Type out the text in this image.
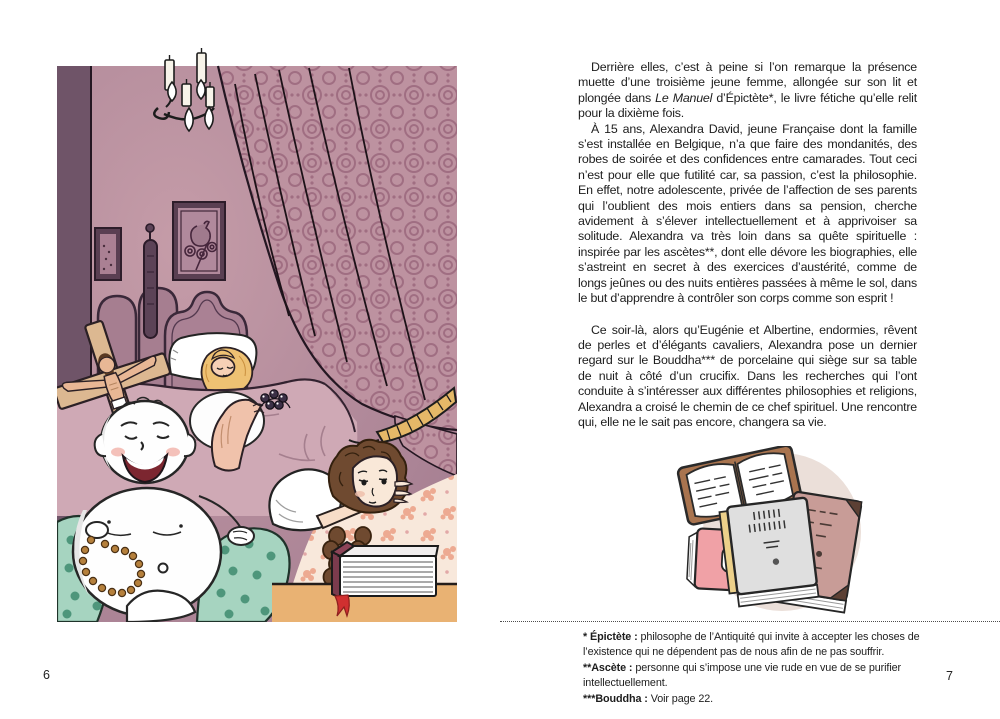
Derrière elles, c’est à peine si l’on remarque la présence muette d’une troisième jeune femme, allongée sur son lit et plongée dans Le Manuel d’Épictète*, le livre fétiche qu’elle relit pour la dixième fois.

À 15 ans, Alexandra David, jeune Française dont la famille s’est installée en Belgique, n’a que faire des mondanités, des robes de soirée et des confidences entre camarades. Tout ceci n’est pour elle que futilité car, sa passion, c’est la philosophie. En effet, notre adolescente, privée de l’affection de ses parents qui l’oublient des mois entiers dans sa pension, cherche avidement à s’élever intellectuellement et à apprivoiser sa solitude. Alexandra va très loin dans sa quête spirituelle : inspirée par les ascètes**, dont elle dévore les biographies, elle s’astreint en secret à des exercices d’austérité, comme de longs jeûnes ou des nuits entières passées à même le sol, dans le but d’apprendre à contrôler son corps comme son esprit !

Ce soir-là, alors qu’Eugénie et Albertine, endormies, rêvent de perles et d’élégants cavaliers, Alexandra pose un dernier regard sur le Bouddha*** de porcelaine qui siège sur sa table de nuit à côté d’un crucifix. Dans les recherches qui l’ont conduite à s’intéresser aux différentes philosophies et religions, Alexandra a croisé le chemin de ce chef spirituel. Une rencontre qui, elle ne le sait pas encore, changera sa vie.

* Épictète : philosophe de l’Antiquité qui invite à accepter les choses de l’existence qui ne dépendent pas de nous afin de ne pas souffrir.

**Ascète : personne qui s’impose une vie rude en vue de se purifier intellectuellement.

***Bouddha : Voir page 22.

6	7
